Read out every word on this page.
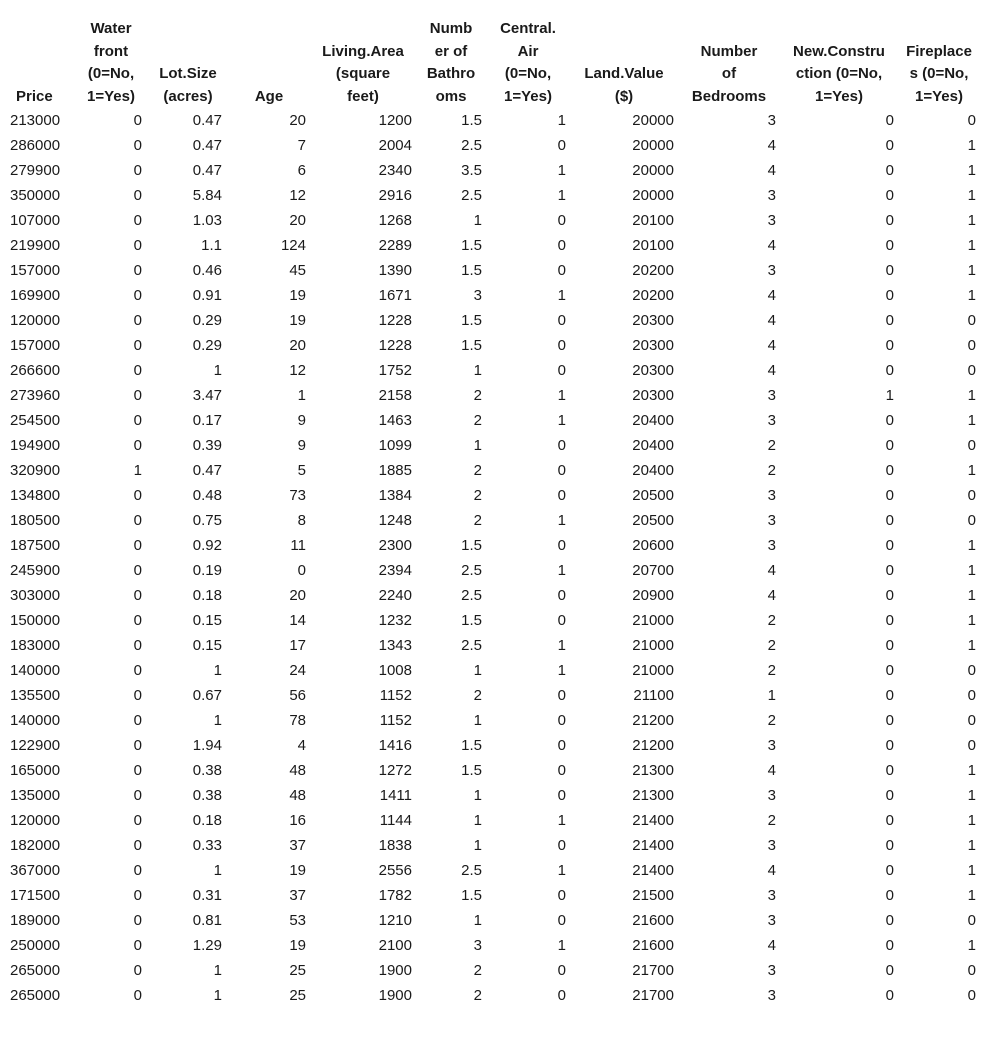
Price	Water
front
(0=No,
1=Yes)	Lot.Size
(acres)	Age	Living.Area
(square
feet)	Numb
er of
Bathro
oms	Central.
Air
(0=No,
1=Yes)	Land.Value
($)	Number
of
Bedrooms	New.Constru
ction (0=No,
1=Yes)	Fireplace
s (0=No,
1=Yes)
213000	0	0.47	20	1200	1.5	1	20000	3	0	0
286000	0	0.47	7	2004	2.5	0	20000	4	0	1
279900	0	0.47	6	2340	3.5	1	20000	4	0	1
350000	0	5.84	12	2916	2.5	1	20000	3	0	1
107000	0	1.03	20	1268	1	0	20100	3	0	1
219900	0	1.1	124	2289	1.5	0	20100	4	0	1
157000	0	0.46	45	1390	1.5	0	20200	3	0	1
169900	0	0.91	19	1671	3	1	20200	4	0	1
120000	0	0.29	19	1228	1.5	0	20300	4	0	0
157000	0	0.29	20	1228	1.5	0	20300	4	0	0
266600	0	1	12	1752	1	0	20300	4	0	0
273960	0	3.47	1	2158	2	1	20300	3	1	1
254500	0	0.17	9	1463	2	1	20400	3	0	1
194900	0	0.39	9	1099	1	0	20400	2	0	0
320900	1	0.47	5	1885	2	0	20400	2	0	1
134800	0	0.48	73	1384	2	0	20500	3	0	0
180500	0	0.75	8	1248	2	1	20500	3	0	0
187500	0	0.92	11	2300	1.5	0	20600	3	0	1
245900	0	0.19	0	2394	2.5	1	20700	4	0	1
303000	0	0.18	20	2240	2.5	0	20900	4	0	1
150000	0	0.15	14	1232	1.5	0	21000	2	0	1
183000	0	0.15	17	1343	2.5	1	21000	2	0	1
140000	0	1	24	1008	1	1	21000	2	0	0
135500	0	0.67	56	1152	2	0	21100	1	0	0
140000	0	1	78	1152	1	0	21200	2	0	0
122900	0	1.94	4	1416	1.5	0	21200	3	0	0
165000	0	0.38	48	1272	1.5	0	21300	4	0	1
135000	0	0.38	48	1411	1	0	21300	3	0	1
120000	0	0.18	16	1144	1	1	21400	2	0	1
182000	0	0.33	37	1838	1	0	21400	3	0	1
367000	0	1	19	2556	2.5	1	21400	4	0	1
171500	0	0.31	37	1782	1.5	0	21500	3	0	1
189000	0	0.81	53	1210	1	0	21600	3	0	0
250000	0	1.29	19	2100	3	1	21600	4	0	1
265000	0	1	25	1900	2	0	21700	3	0	0
265000	0	1	25	1900	2	0	21700	3	0	0
